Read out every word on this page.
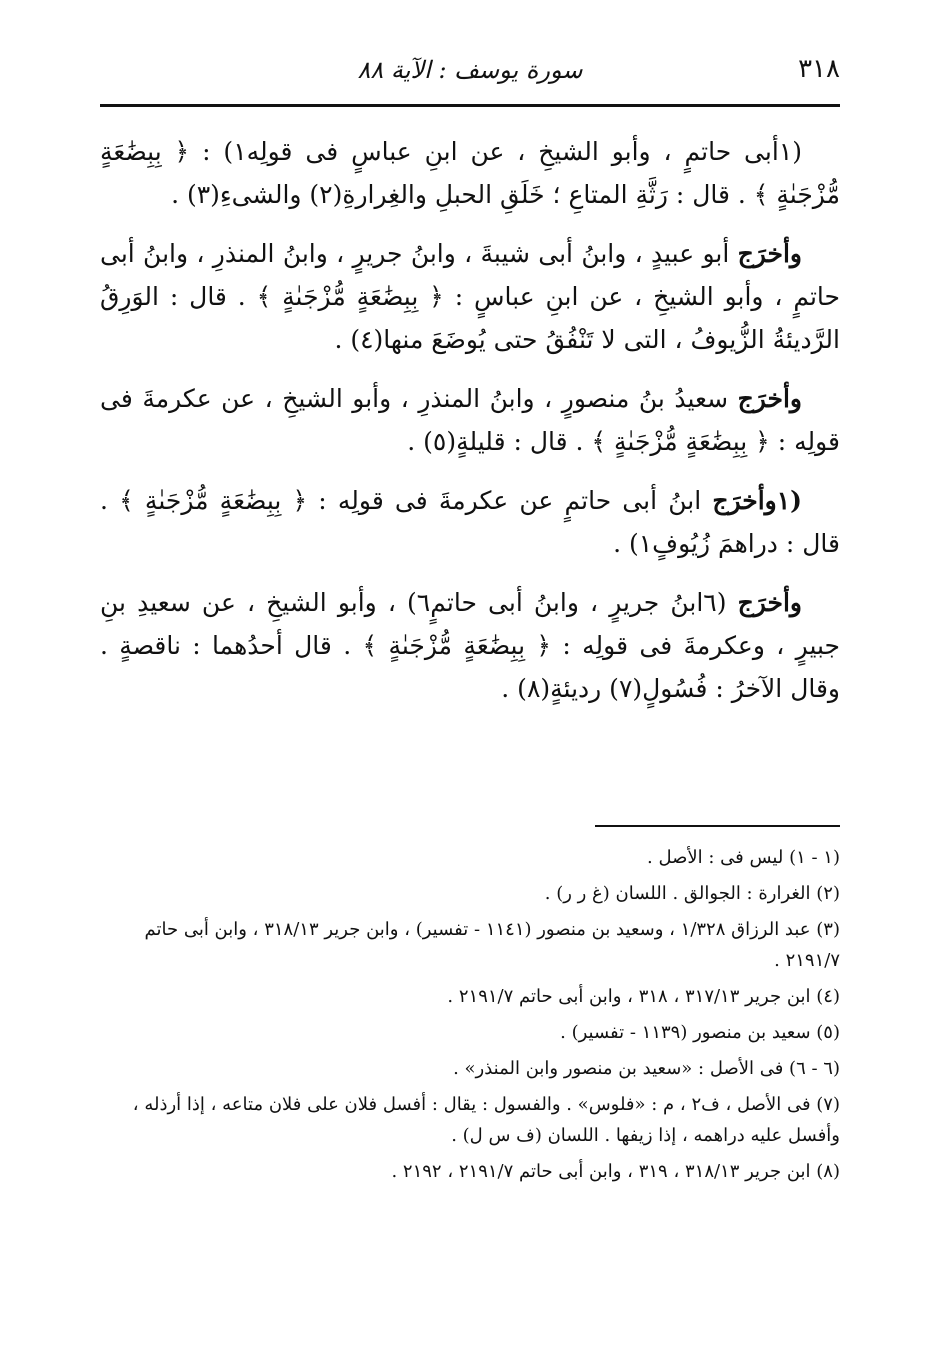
٣١٨
سورة يوسف : الآية ٨٨

(١أبى حاتمٍ ، وأبو الشيخِ ، عن ابنِ عباسٍ فى قولِه١) : ﴿ بِبِضَٰعَةٍ مُّزْجَىٰةٍ ﴾ . قال : رَثَّةِ المتاعِ ؛ خَلَقِ الحبلِ والغِرارةِ(٢) والشىءِ(٣) .

وأخرَج أبو عبيدٍ ، وابنُ أبى شيبةَ ، وابنُ جريرٍ ، وابنُ المنذرِ ، وابنُ أبى حاتمٍ ، وأبو الشيخِ ، عن ابنِ عباسٍ : ﴿ بِبِضَٰعَةٍ مُّزْجَىٰةٍ ﴾ . قال : الوَرِقُ الرَّديئةُ الزُّيوفُ ، التى لا تَنْفُقُ حتى يُوضَعَ منها(٤) .

وأخرَج سعيدُ بنُ منصورٍ ، وابنُ المنذرِ ، وأبو الشيخِ ، عن عكرمةَ فى قولِه : ﴿ بِبِضَٰعَةٍ مُّزْجَىٰةٍ ﴾ . قال : قليلةٍ(٥) .

(١وأخرَج ابنُ أبى حاتمٍ عن عكرمةَ فى قولِه : ﴿ بِبِضَٰعَةٍ مُّزْجَىٰةٍ ﴾ . قال : دراهمَ زُيُوفٍ١) .

وأخرَج (٦ابنُ جريرٍ ، وابنُ أبى حاتمٍ٦) ، وأبو الشيخِ ، عن سعيدِ بنِ جبيرٍ ، وعكرمةَ فى قولِه : ﴿ بِبِضَٰعَةٍ مُّزْجَىٰةٍ ﴾ . قال أحدُهما : ناقصةٍ . وقال الآخرُ : فُسُولٍ(٧) رديئةٍ(٨) .

(١ - ١) ليس فى : الأصل .

(٢) الغرارة : الجوالق . اللسان (غ ر ر) .

(٣) عبد الرزاق ١/٣٢٨ ، وسعيد بن منصور (١١٤١ - تفسير) ، وابن جرير ٣١٨/١٣ ، وابن أبى حاتم ٢١٩١/٧ .

(٤) ابن جرير ٣١٧/١٣ ، ٣١٨ ، وابن أبى حاتم ٢١٩١/٧ .

(٥) سعيد بن منصور (١١٣٩ - تفسير) .

(٦ - ٦) فى الأصل : «سعيد بن منصور وابن المنذر» .

(٧) فى الأصل ، ف٢ ، م : «فلوس» . والفسول : يقال : أفسل فلان على فلان متاعه ، إذا أرذله ، وأفسل عليه دراهمه ، إذا زيفها . اللسان (ف س ل) .

(٨) ابن جرير ٣١٨/١٣ ، ٣١٩ ، وابن أبى حاتم ٢١٩١/٧ ، ٢١٩٢ .
